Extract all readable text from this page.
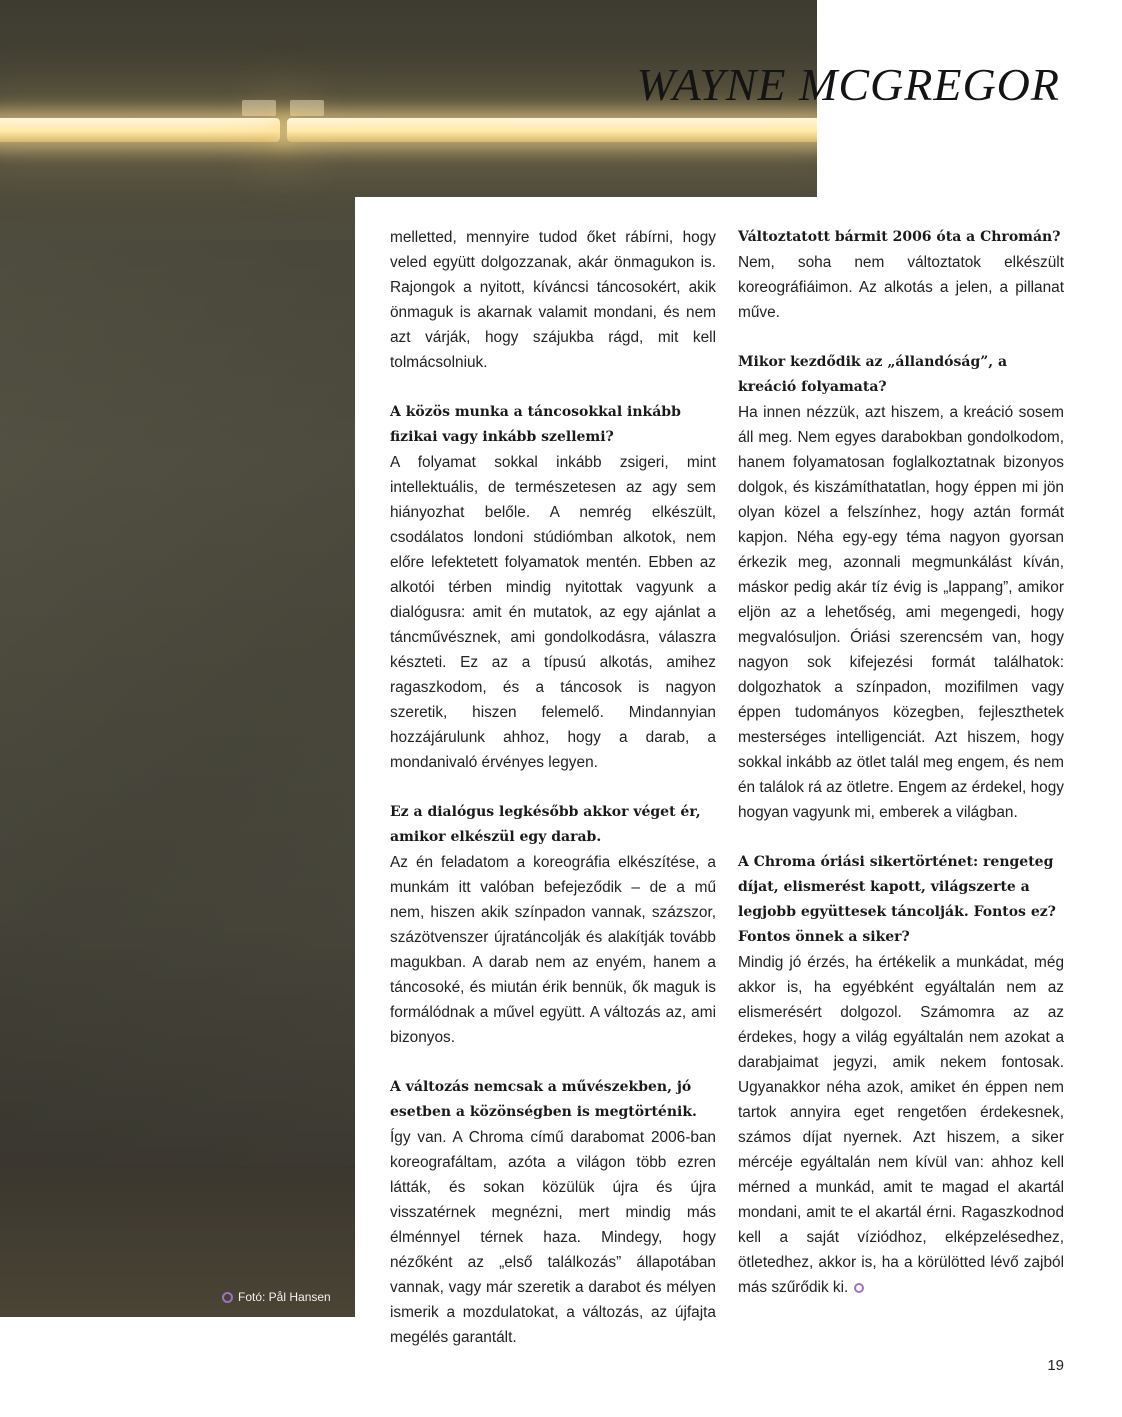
Fotó: Pål Hansen
WAYNE MCGREGOR

melletted, mennyire tudod őket rábírni, hogy veled együtt dolgozzanak, akár önmagukon is. Rajongok a nyitott, kíváncsi táncosokért, akik önmaguk is akarnak valamit mondani, és nem azt várják, hogy szájukba rágd, mit kell tolmácsolniuk.

A közös munka a táncosokkal inkább fizikai vagy inkább szellemi?

A folyamat sokkal inkább zsigeri, mint intellektuális, de természetesen az agy sem hiányozhat belőle. A nemrég elkészült, csodálatos londoni stúdiómban alkotok, nem előre lefektetett folyamatok mentén. Ebben az alkotói térben mindig nyitottak vagyunk a dialógusra: amit én mutatok, az egy ajánlat a táncművésznek, ami gondolkodásra, válaszra készteti. Ez az a típusú alkotás, amihez ragaszkodom, és a táncosok is nagyon szeretik, hiszen felemelő. Mindannyian hozzájárulunk ahhoz, hogy a darab, a mondanivaló érvényes legyen.

Ez a dialógus legkésőbb akkor véget ér, amikor elkészül egy darab.

Az én feladatom a koreográfia elkészítése, a munkám itt valóban befejeződik – de a mű nem, hiszen akik színpadon vannak, százszor, százötvenszer újratáncolják és alakítják tovább magukban. A darab nem az enyém, hanem a táncosoké, és miután érik bennük, ők maguk is formálódnak a művel együtt. A változás az, ami bizonyos.

A változás nemcsak a művészekben, jó esetben a közönségben is megtörténik.

Így van. A Chroma című darabomat 2006-ban koreografáltam, azóta a világon több ezren látták, és sokan közülük újra és újra visszatérnek megnézni, mert mindig más élménnyel térnek haza. Mindegy, hogy nézőként az „első találkozás” állapotában vannak, vagy már szeretik a darabot és mélyen ismerik a mozdulatokat, a változás, az újfajta megélés garantált.

Változtatott bármit 2006 óta a Chromán?

Nem, soha nem változtatok elkészült koreográfiáimon. Az alkotás a jelen, a pillanat műve.

Mikor kezdődik az „állandóság”, a kreáció folyamata?

Ha innen nézzük, azt hiszem, a kreáció sosem áll meg. Nem egyes darabokban gondolkodom, hanem folyamatosan foglalkoztatnak bizonyos dolgok, és kiszámíthatatlan, hogy éppen mi jön olyan közel a felszínhez, hogy aztán formát kapjon. Néha egy-egy téma nagyon gyorsan érkezik meg, azonnali megmunkálást kíván, máskor pedig akár tíz évig is „lappang”, amikor eljön az a lehetőség, ami megengedi, hogy megvalósuljon. Óriási szerencsém van, hogy nagyon sok kifejezési formát találhatok: dolgozhatok a színpadon, mozifilmen vagy éppen tudományos közegben, fejleszthetek mesterséges intelligenciát. Azt hiszem, hogy sokkal inkább az ötlet talál meg engem, és nem én találok rá az ötletre. Engem az érdekel, hogy hogyan vagyunk mi, emberek a világban.

A Chroma óriási sikertörténet: rengeteg díjat, elismerést kapott, világszerte a legjobb együttesek táncolják. Fontos ez? Fontos önnek a siker?

Mindig jó érzés, ha értékelik a munkádat, még akkor is, ha egyébként egyáltalán nem az elismerésért dolgozol. Számomra az az érdekes, hogy a világ egyáltalán nem azokat a darabjaimat jegyzi, amik nekem fontosak. Ugyanakkor néha azok, amiket én éppen nem tartok annyira eget rengetően érdekesnek, számos díjat nyernek. Azt hiszem, a siker mércéje egyáltalán nem kívül van: ahhoz kell mérned a munkád, amit te magad el akartál mondani, amit te el akartál érni. Ragaszkodnod kell a saját víziódhoz, elképzelésedhez, ötletedhez, akkor is, ha a körülötted lévő zajból más szűrődik ki.

19
